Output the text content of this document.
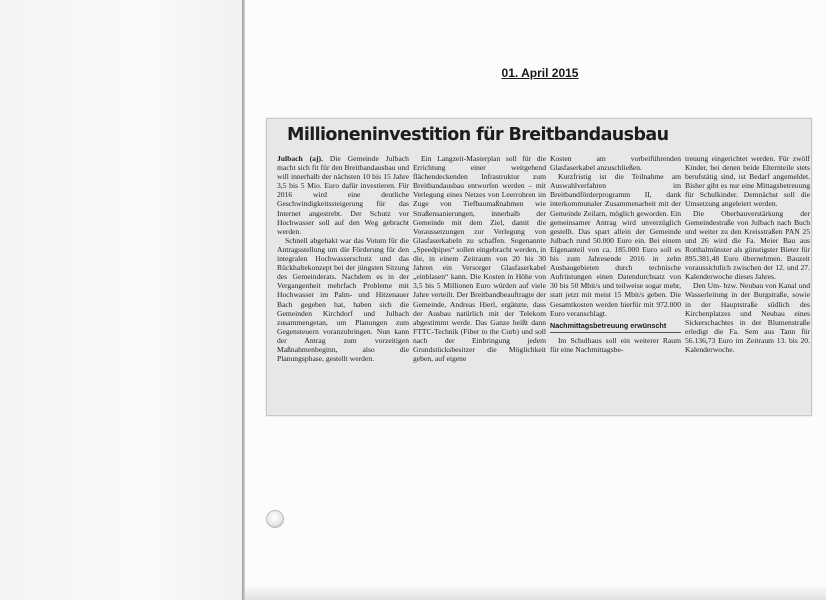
01. April 2015
Millioneninvestition für Breitbandausbau

Julbach (aj). Die Gemeinde Julbach macht sich fit für den Breitbandausbau und will innerhalb der nächsten 10 bis 15 Jahre 3,5 bis 5 Mio. Euro dafür investieren. Für 2016 wird eine deutliche Geschwindigkeitssteigerung für das Internet angestrebt. Der Schutz vor Hochwasser soll auf den Weg gebracht werden.

Schnell abgehakt war das Votum für die Antragsstellung um die Förderung für den integralen Hochwasserschutz und das Rückhaltekonzept bei der jüngsten Sitzung des Gemeinderats. Nachdem es in der Vergangenheit mehrfach Probleme mit Hochwasser im Palm- und Hitzenauer Bach gegeben hat, haben sich die Gemeinden Kirchdorf und Julbach zusammengetan, um Planungen zum Gegensteuern voranzubringen. Nun kann der Antrag zum vorzeitigen Maßnahmenbeginn, also die Planungsphase, gestellt werden.

Ein Langzeit-Masterplan soll für die Errichtung einer weitgehend flächendeckenden Infrastruktur zum Breitbandausbau entworfen werden – mit Verlegung eines Netzes von Leerrohren im Zuge von Tiefbaumaßnahmen wie Straßensanierungen, innerhalb der Gemeinde mit dem Ziel, damit die Voraussetzungen zur Verlegung von Glasfaserkabeln zu schaffen. Sogenannte „Speedpipes“ sollen eingebracht werden, in die, in einem Zeitraum von 20 bis 30 Jahren ein Versorger Glasfaserkabel „einblasen“ kann. Die Kosten in Höhe von 3,5 bis 5 Millionen Euro würden auf viele Jahre verteilt. Der Breitbandbeauftragte der Gemeinde, Andreas Hierl, ergänzte, dass der Ausbau natürlich mit der Telekom abgestimmt werde. Das Ganze heißt dann FTTC-Technik (Fiber to the Curb) und soll nach der Einbringung jedem Grundstücksbesitzer die Möglichkeit geben, auf eigene

Kosten am vorbeiführenden Glasfaserkabel anzuschließen.

Kurzfristig ist die Teilnahme am Auswahlverfahren im Breitbandförderprogramm II, dank interkommunaler Zusammenarbeit mit der Gemeinde Zeilarn, möglich geworden. Ein gemeinsamer Antrag wird unverzüglich gestellt. Das spart allein der Gemeinde Julbach rund 50.000 Euro ein. Bei einem Eigenanteil von ca. 185.000 Euro soll es bis zum Jahresende 2016 in zehn Ausbaugebieten durch technische Aufrüstungen einen Datendurchsatz von 30 bis 50 Mbit/s und teilweise sogar mehr, statt jetzt mit meist 15 Mbit/s geben. Die Gesamtkosten werden hierfür mit 972.000 Euro veranschlagt.

Nachmittagsbetreuung erwünscht

Im Schulhaus soll ein weiterer Raum für eine Nachmittagsbe-

treuung eingerichtet werden. Für zwölf Kinder, bei denen beide Elternteile stets berufstätig sind, ist Bedarf angemeldet. Bisher gibt es nur eine Mittagsbetreuung für Schulkinder. Demnächst soll die Umsetzung angeleiert werden.

Die Oberbauverstärkung der Gemeindestraße von Julbach nach Buch und weiter zu den Kreisstraßen PAN 25 und 26 wird die Fa. Meier Bau aus Rotthalmünster als günstigster Bieter für 895.381,48 Euro übernehmen. Bauzeit voraussichtlich zwischen der 12. und 27. Kalenderwoche dieses Jahres.

Den Um- bzw. Neubau von Kanal und Wasserleitung in der Burgstraße, sowie in der Hauptstraße südlich des Kirchenplatzes und Neubau eines Sickerschachtes in der Blumenstraße erledigt die Fa. Sem aus Tann für 56.136,73 Euro im Zeitraum 13. bis 20. Kalenderwoche.
